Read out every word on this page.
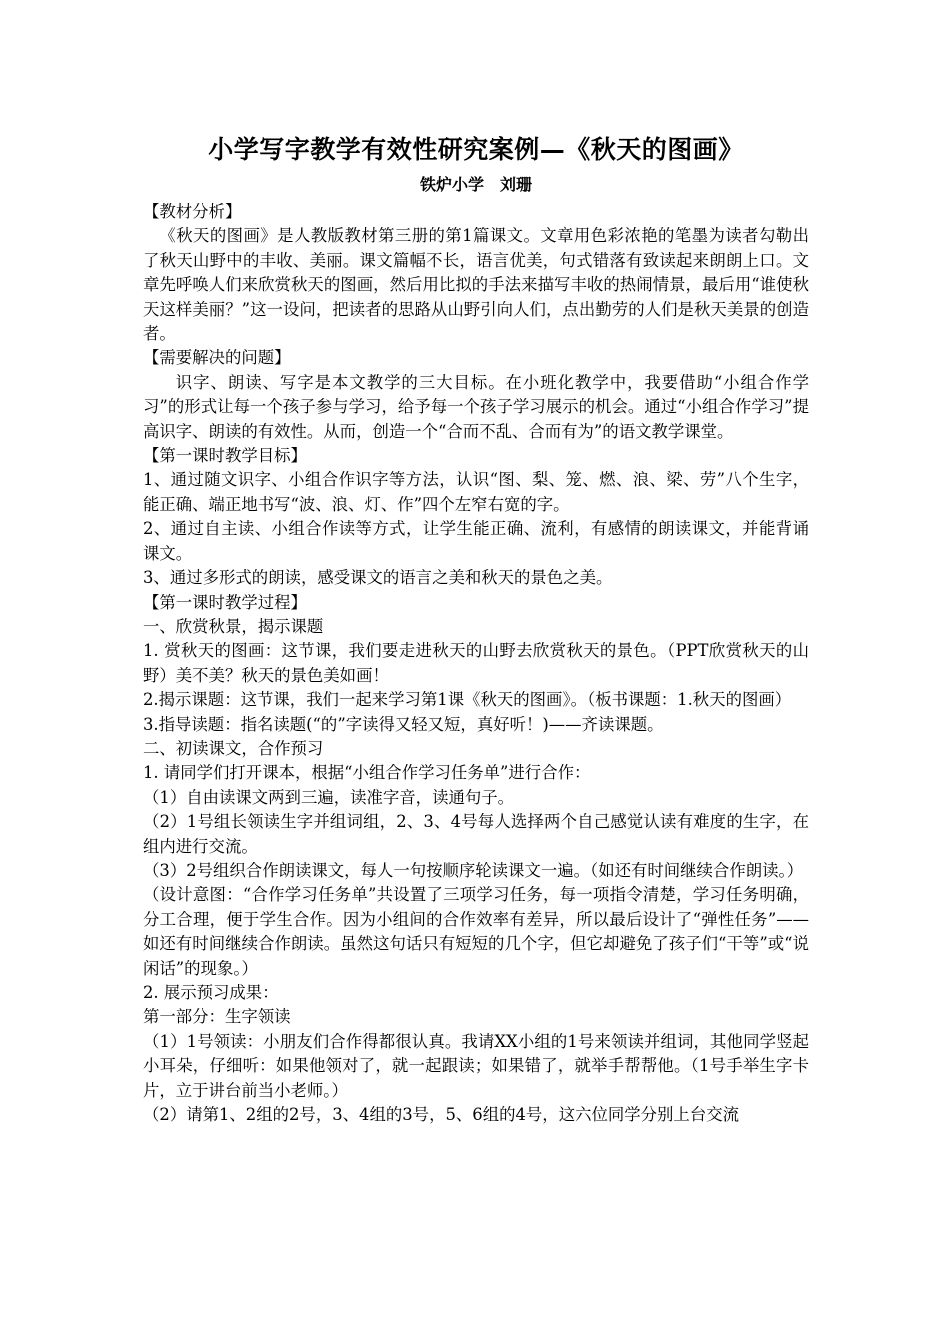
小学写字教学有效性研究案例—《秋天的图画》
铁炉小学　刘珊

【教材分析】

《秋天的图画》是人教版教材第三册的第1篇课文。文章用色彩浓艳的笔墨为读者勾勒出了秋天山野中的丰收、美丽。课文篇幅不长，语言优美，句式错落有致读起来朗朗上口。文章先呼唤人们来欣赏秋天的图画，然后用比拟的手法来描写丰收的热闹情景，最后用“谁使秋天这样美丽？”这一设问，把读者的思路从山野引向人们，点出勤劳的人们是秋天美景的创造者。

【需要解决的问题】

识字、朗读、写字是本文教学的三大目标。在小班化教学中，我要借助“小组合作学习”的形式让每一个孩子参与学习，给予每一个孩子学习展示的机会。通过“小组合作学习”提高识字、朗读的有效性。从而，创造一个“合而不乱、合而有为”的语文教学课堂。

【第一课时教学目标】

1、通过随文识字、小组合作识字等方法，认识“图、梨、笼、燃、浪、梁、劳”八个生字，能正确、端正地书写“波、浪、灯、作”四个左窄右宽的字。

2、通过自主读、小组合作读等方式，让学生能正确、流利，有感情的朗读课文，并能背诵课文。

3、通过多形式的朗读，感受课文的语言之美和秋天的景色之美。

【第一课时教学过程】

一、欣赏秋景，揭示课题

1. 赏秋天的图画：这节课，我们要走进秋天的山野去欣赏秋天的景色。（PPT欣赏秋天的山野）美不美？秋天的景色美如画！

2.揭示课题：这节课，我们一起来学习第1课《秋天的图画》。（板书课题：1.秋天的图画）

3.指导读题：指名读题(“的”字读得又轻又短，真好听！)——齐读课题。

二、初读课文，合作预习

1. 请同学们打开课本，根据“小组合作学习任务单”进行合作：

（1）自由读课文两到三遍，读准字音，读通句子。

（2）1号组长领读生字并组词组，2、3、4号每人选择两个自己感觉认读有难度的生字，在组内进行交流。

（3）2号组织合作朗读课文，每人一句按顺序轮读课文一遍。（如还有时间继续合作朗读。）

（设计意图：“合作学习任务单”共设置了三项学习任务，每一项指令清楚，学习任务明确，分工合理，便于学生合作。因为小组间的合作效率有差异，所以最后设计了“弹性任务”—— 如还有时间继续合作朗读。虽然这句话只有短短的几个字，但它却避免了孩子们“干等”或“说闲话”的现象。）

2. 展示预习成果：

第一部分：生字领读

（1）1号领读：小朋友们合作得都很认真。我请XX小组的1号来领读并组词，其他同学竖起小耳朵，仔细听：如果他领对了，就一起跟读；如果错了，就举手帮帮他。（1号手举生字卡片，立于讲台前当小老师。）

（2）请第1、2组的2号，3、4组的3号，5、6组的4号，这六位同学分别上台交流
